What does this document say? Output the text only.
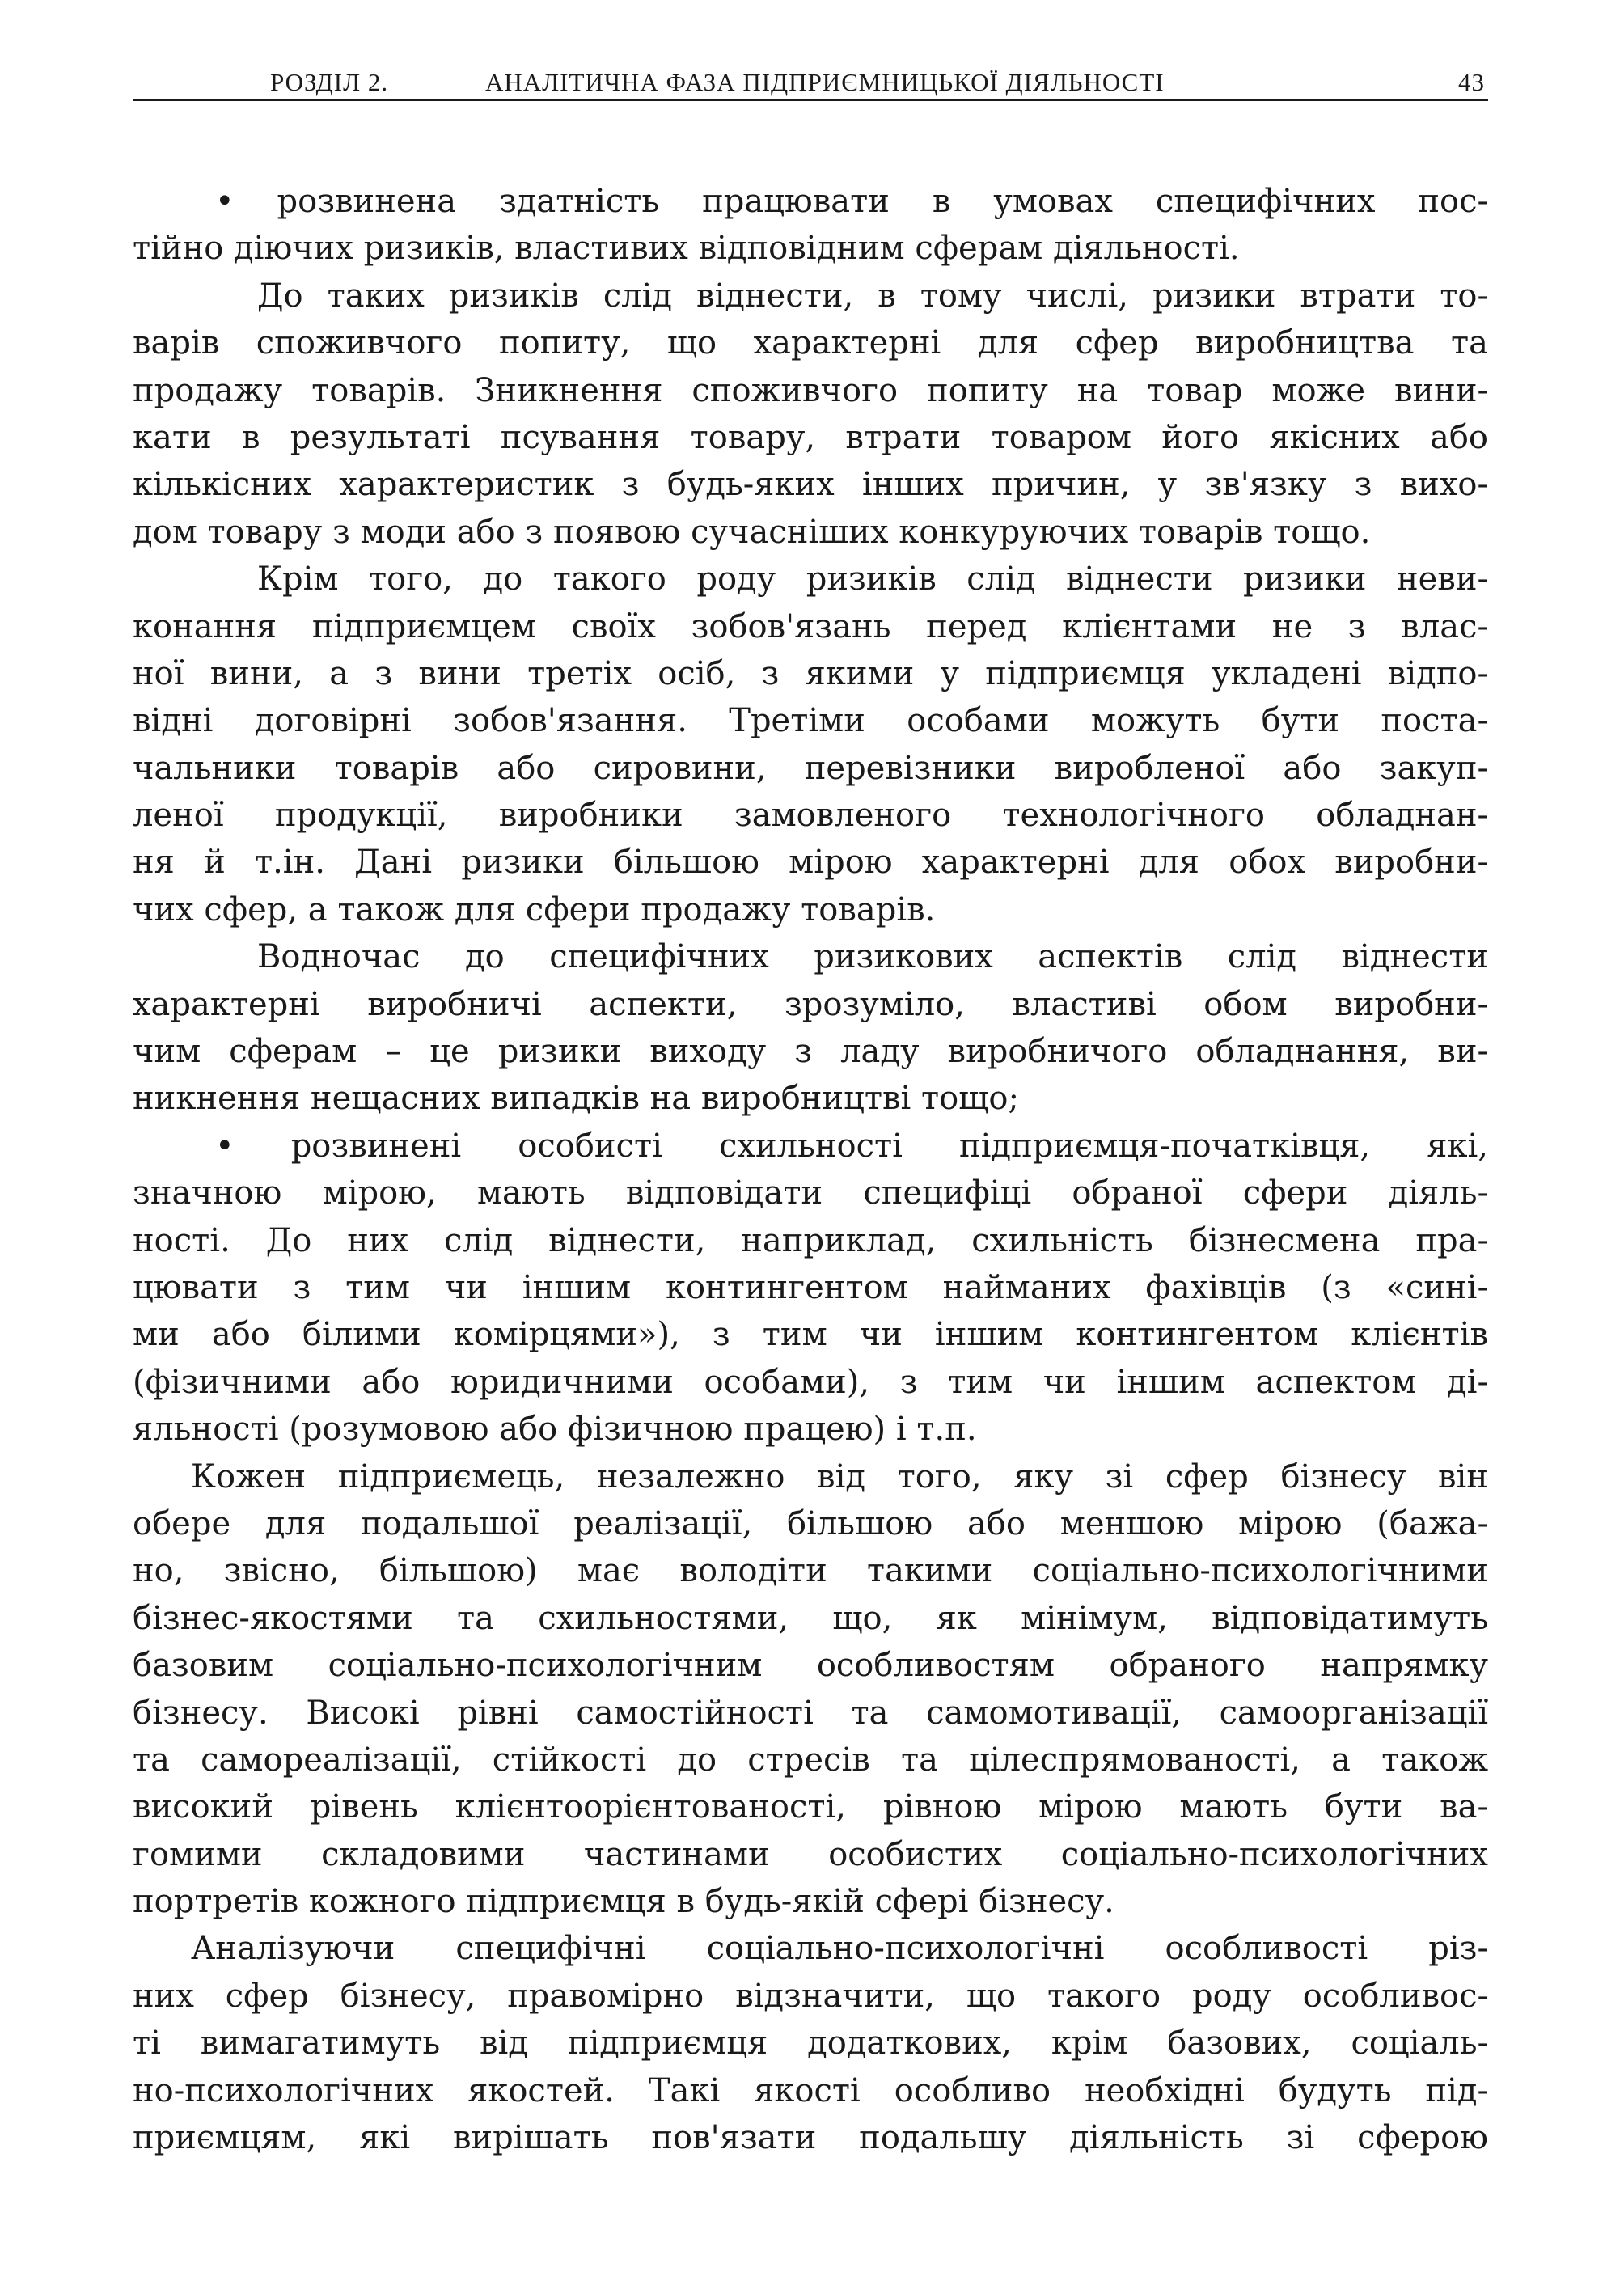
РОЗДІЛ 2.	АНАЛІТИЧНА ФАЗА ПІДПРИЄМНИЦЬКОЇ ДІЯЛЬНОСТІ	43
• розвинена здатність працювати в умовах специфічних пос-
тійно діючих ризиків, властивих відповідним сферам діяльності.
До таких ризиків слід віднести, в тому числі, ризики втрати то-
варів споживчого попиту, що характерні для сфер виробництва та
продажу товарів. Зникнення споживчого попиту на товар може вини-
кати в результаті псування товару, втрати товаром його якісних або
кількісних характеристик з будь-яких інших причин, у зв'язку з вихо-
дом товару з моди або з появою сучасніших конкуруючих товарів тощо.
Крім того, до такого роду ризиків слід віднести ризики неви-
конання підприємцем своїх зобов'язань перед клієнтами не з влас-
ної вини, а з вини третіх осіб, з якими у підприємця укладені відпо-
відні договірні зобов'язання. Третіми особами можуть бути поста-
чальники товарів або сировини, перевізники виробленої або закуп-
леної продукції, виробники замовленого технологічного обладнан-
ня й т.ін. Дані ризики більшою мірою характерні для обох виробни-
чих сфер, а також для сфери продажу товарів.
Водночас до специфічних ризикових аспектів слід віднести
характерні виробничі аспекти, зрозуміло, властиві обом виробни-
чим сферам – це ризики виходу з ладу виробничого обладнання, ви-
никнення нещасних випадків на виробництві тощо;
• розвинені особисті схильності підприємця-початківця, які,
значною мірою, мають відповідати специфіці обраної сфери діяль-
ності. До них слід віднести, наприклад, схильність бізнесмена пра-
цювати з тим чи іншим контингентом найманих фахівців (з «сині-
ми або білими комірцями»), з тим чи іншим контингентом клієнтів
(фізичними або юридичними особами), з тим чи іншим аспектом ді-
яльності (розумовою або фізичною працею) і т.п.
Кожен підприємець, незалежно від того, яку зі сфер бізнесу він
обере для подальшої реалізації, більшою або меншою мірою (бажа-
но, звісно, більшою) має володіти такими соціально-психологічними
бізнес-якостями та схильностями, що, як мінімум, відповідатимуть
базовим соціально-психологічним особливостям обраного напрямку
бізнесу. Високі рівні самостійності та самомотивації, самоорганізації
та самореалізації, стійкості до стресів та цілеспрямованості, а також
високий рівень клієнтоорієнтованості, рівною мірою мають бути ва-
гомими складовими частинами особистих соціально-психологічних
портретів кожного підприємця в будь-якій сфері бізнесу.
Аналізуючи специфічні соціально-психологічні особливості різ-
них сфер бізнесу, правомірно відзначити, що такого роду особливос-
ті вимагатимуть від підприємця додаткових, крім базових, соціаль-
но-психологічних якостей. Такі якості особливо необхідні будуть під-
приємцям, які вирішать пов'язати подальшу діяльність зі сферою
